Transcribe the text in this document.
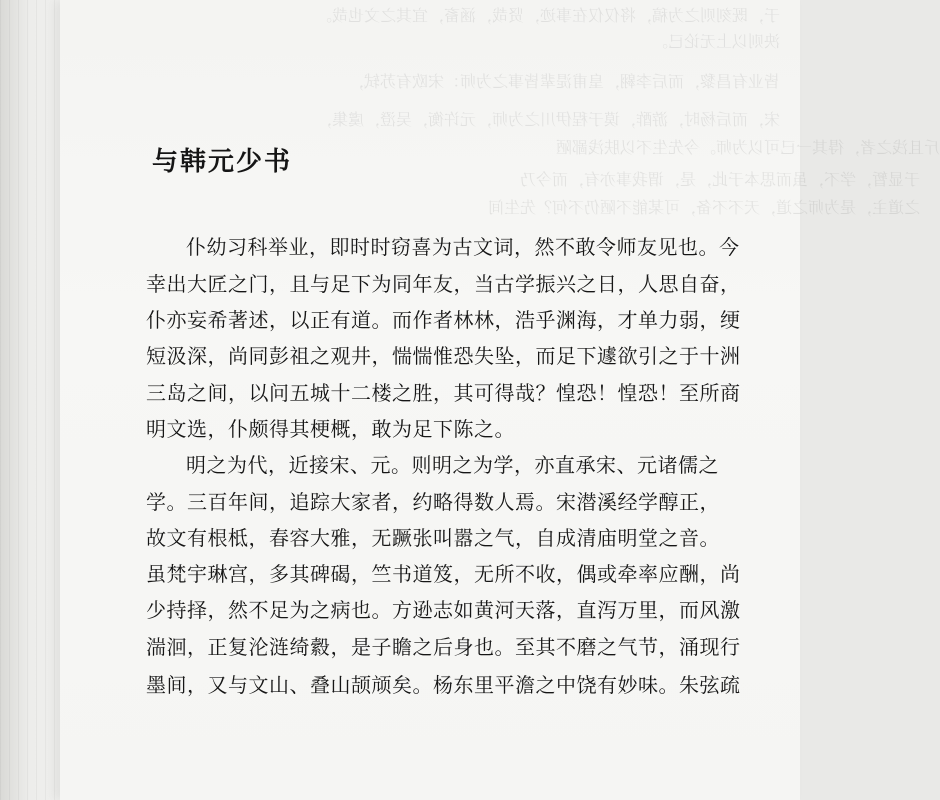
与韩元少书
仆幼习科举业，即时时窃喜为古文词，然不敢令师友见也。今
幸出大匠之门，且与足下为同年友，当古学振兴之日，人思自奋，
仆亦妄希著述，以正有道。而作者林林，浩乎渊海，才单力弱，绠
短汲深，尚同彭祖之观井，惴惴惟恐失坠，而足下遽欲引之于十洲
三岛之间，以问五城十二楼之胜，其可得哉？惶恐！惶恐！至所商
明文选，仆颇得其梗概，敢为足下陈之。
明之为代，近接宋、元。则明之为学，亦直承宋、元诸儒之
学。三百年间，追踪大家者，约略得数人焉。宋潜溪经学醇正，
故文有根柢，春容大雅，无蹶张叫嚣之气，自成清庙明堂之音。
虽梵宇琳宫，多其碑碣，竺书道笈，无所不收，偶或牵率应酬，尚
少持择，然不足为之病也。方逊志如黄河天落，直泻万里，而风激
湍洄，正复沦涟绮縠，是子瞻之后身也。至其不磨之气节，涌现行
墨间，又与文山、叠山颉颃矣。杨东里平澹之中饶有妙味。朱弦疏
